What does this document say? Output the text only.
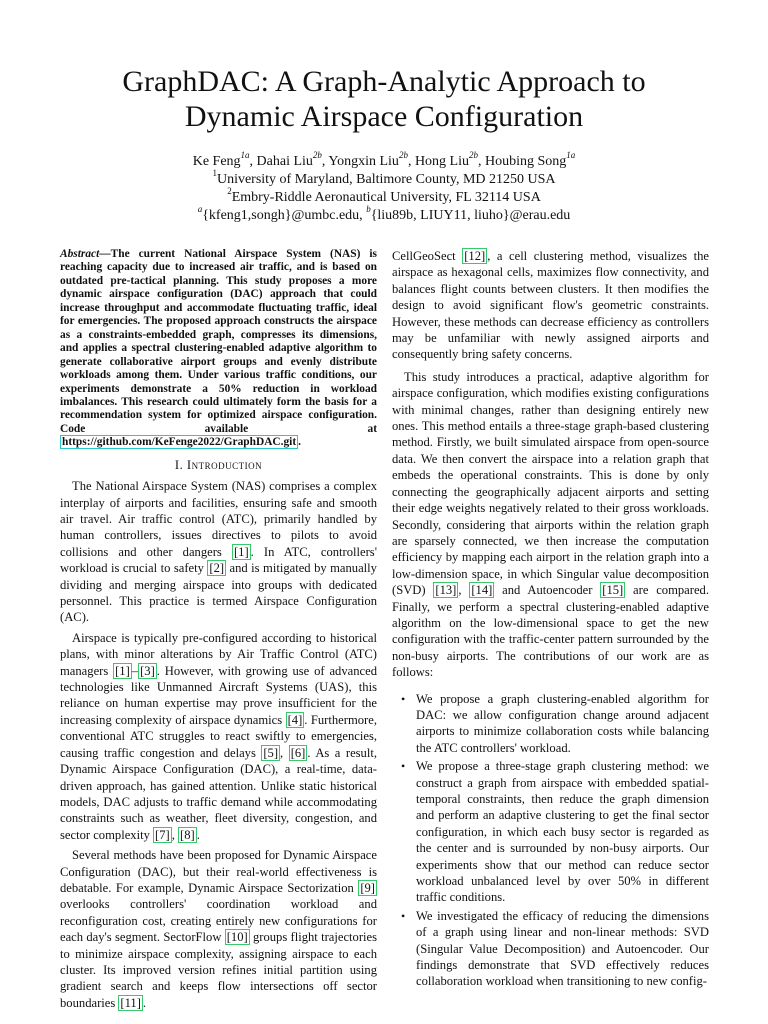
GraphDAC: A Graph-Analytic Approach to
Dynamic Airspace Configuration
Ke Feng$^{1a}$, Dahai Liu$^{2b}$, Yongxin Liu$^{2b}$, Hong Liu$^{2b}$, Houbing Song$^{1a}$
$^1$University of Maryland, Baltimore County, MD 21250 USA
$^2$Embry-Riddle Aeronautical University, FL 32114 USA
$^a${kfeng1,songh}@umbc.edu, $^b${liu89b, LIUY11, liuho}@erau.edu

Abstract—The current National Airspace System (NAS) is reaching capacity due to increased air traffic, and is based on outdated pre-tactical planning. This study proposes a more dynamic airspace configuration (DAC) approach that could increase throughput and accommodate fluctuating traffic, ideal for emergencies. The proposed approach constructs the airspace as a constraints-embedded graph, compresses its dimensions, and applies a spectral clustering-enabled adaptive algorithm to generate collaborative airport groups and evenly distribute workloads among them. Under various traffic conditions, our experiments demonstrate a 50% reduction in workload imbalances. This research could ultimately form the basis for a recommendation system for optimized airspace configuration. Code available at https://github.com/KeFenge2022/GraphDAC.git .

I. Introduction

The National Airspace System (NAS) comprises a complex interplay of airports and facilities, ensuring safe and smooth air travel. Air traffic control (ATC), primarily handled by human controllers, issues directives to pilots to avoid collisions and other dangers [1] . In ATC, controllers' workload is crucial to safety [2] and is mitigated by manually dividing and merging airspace into groups with dedicated personnel. This practice is termed Airspace Configuration (AC).

Airspace is typically pre-configured according to historical plans, with minor alterations by Air Traffic Control (ATC) managers [1] – [3] . However, with growing use of advanced technologies like Unmanned Aircraft Systems (UAS), this reliance on human expertise may prove insufficient for the increasing complexity of airspace dynamics [4] . Furthermore, conventional ATC struggles to react swiftly to emergencies, causing traffic congestion and delays [5] , [6] . As a result, Dynamic Airspace Configuration (DAC), a real-time, data-driven approach, has gained attention. Unlike static historical models, DAC adjusts to traffic demand while accommodating constraints such as weather, fleet diversity, congestion, and sector complexity [7] , [8] .

Several methods have been proposed for Dynamic Airspace Configuration (DAC), but their real-world effectiveness is debatable. For example, Dynamic Airspace Sectorization [9] overlooks controllers' coordination workload and reconfiguration cost, creating entirely new configurations for each day's segment. SectorFlow [10] groups flight trajectories to minimize airspace complexity, assigning airspace to each cluster. Its improved version refines initial partition using gradient search and keeps flow intersections off sector boundaries [11] .

CellGeoSect [12] , a cell clustering method, visualizes the airspace as hexagonal cells, maximizes flow connectivity, and balances flight counts between clusters. It then modifies the design to avoid significant flow's geometric constraints. However, these methods can decrease efficiency as controllers may be unfamiliar with newly assigned airports and consequently bring safety concerns.

This study introduces a practical, adaptive algorithm for airspace configuration, which modifies existing configurations with minimal changes, rather than designing entirely new ones. This method entails a three-stage graph-based clustering method. Firstly, we built simulated airspace from open-source data. We then convert the airspace into a relation graph that embeds the operational constraints. This is done by only connecting the geographically adjacent airports and setting their edge weights negatively related to their gross workloads. Secondly, considering that airports within the relation graph are sparsely connected, we then increase the computation efficiency by mapping each airport in the relation graph into a low-dimension space, in which Singular value decomposition (SVD) [13] , [14] and Autoencoder [15] are compared. Finally, we perform a spectral clustering-enabled adaptive algorithm on the low-dimensional space to get the new configuration with the traffic-center pattern surrounded by the non-busy airports. The contributions of our work are as follows:

• We propose a graph clustering-enabled algorithm for DAC: we allow configuration change around adjacent airports to minimize collaboration costs while balancing the ATC controllers' workload.
• We propose a three-stage graph clustering method: we construct a graph from airspace with embedded spatial-temporal constraints, then reduce the graph dimension and perform an adaptive clustering to get the final sector configuration, in which each busy sector is regarded as the center and is surrounded by non-busy airports. Our experiments show that our method can reduce sector workload unbalanced level by over 50% in different traffic conditions.
• We investigated the efficacy of reducing the dimensions of a graph using linear and non-linear methods: SVD (Singular Value Decomposition) and Autoencoder. Our findings demonstrate that SVD effectively reduces collaboration workload when transitioning to new config-
